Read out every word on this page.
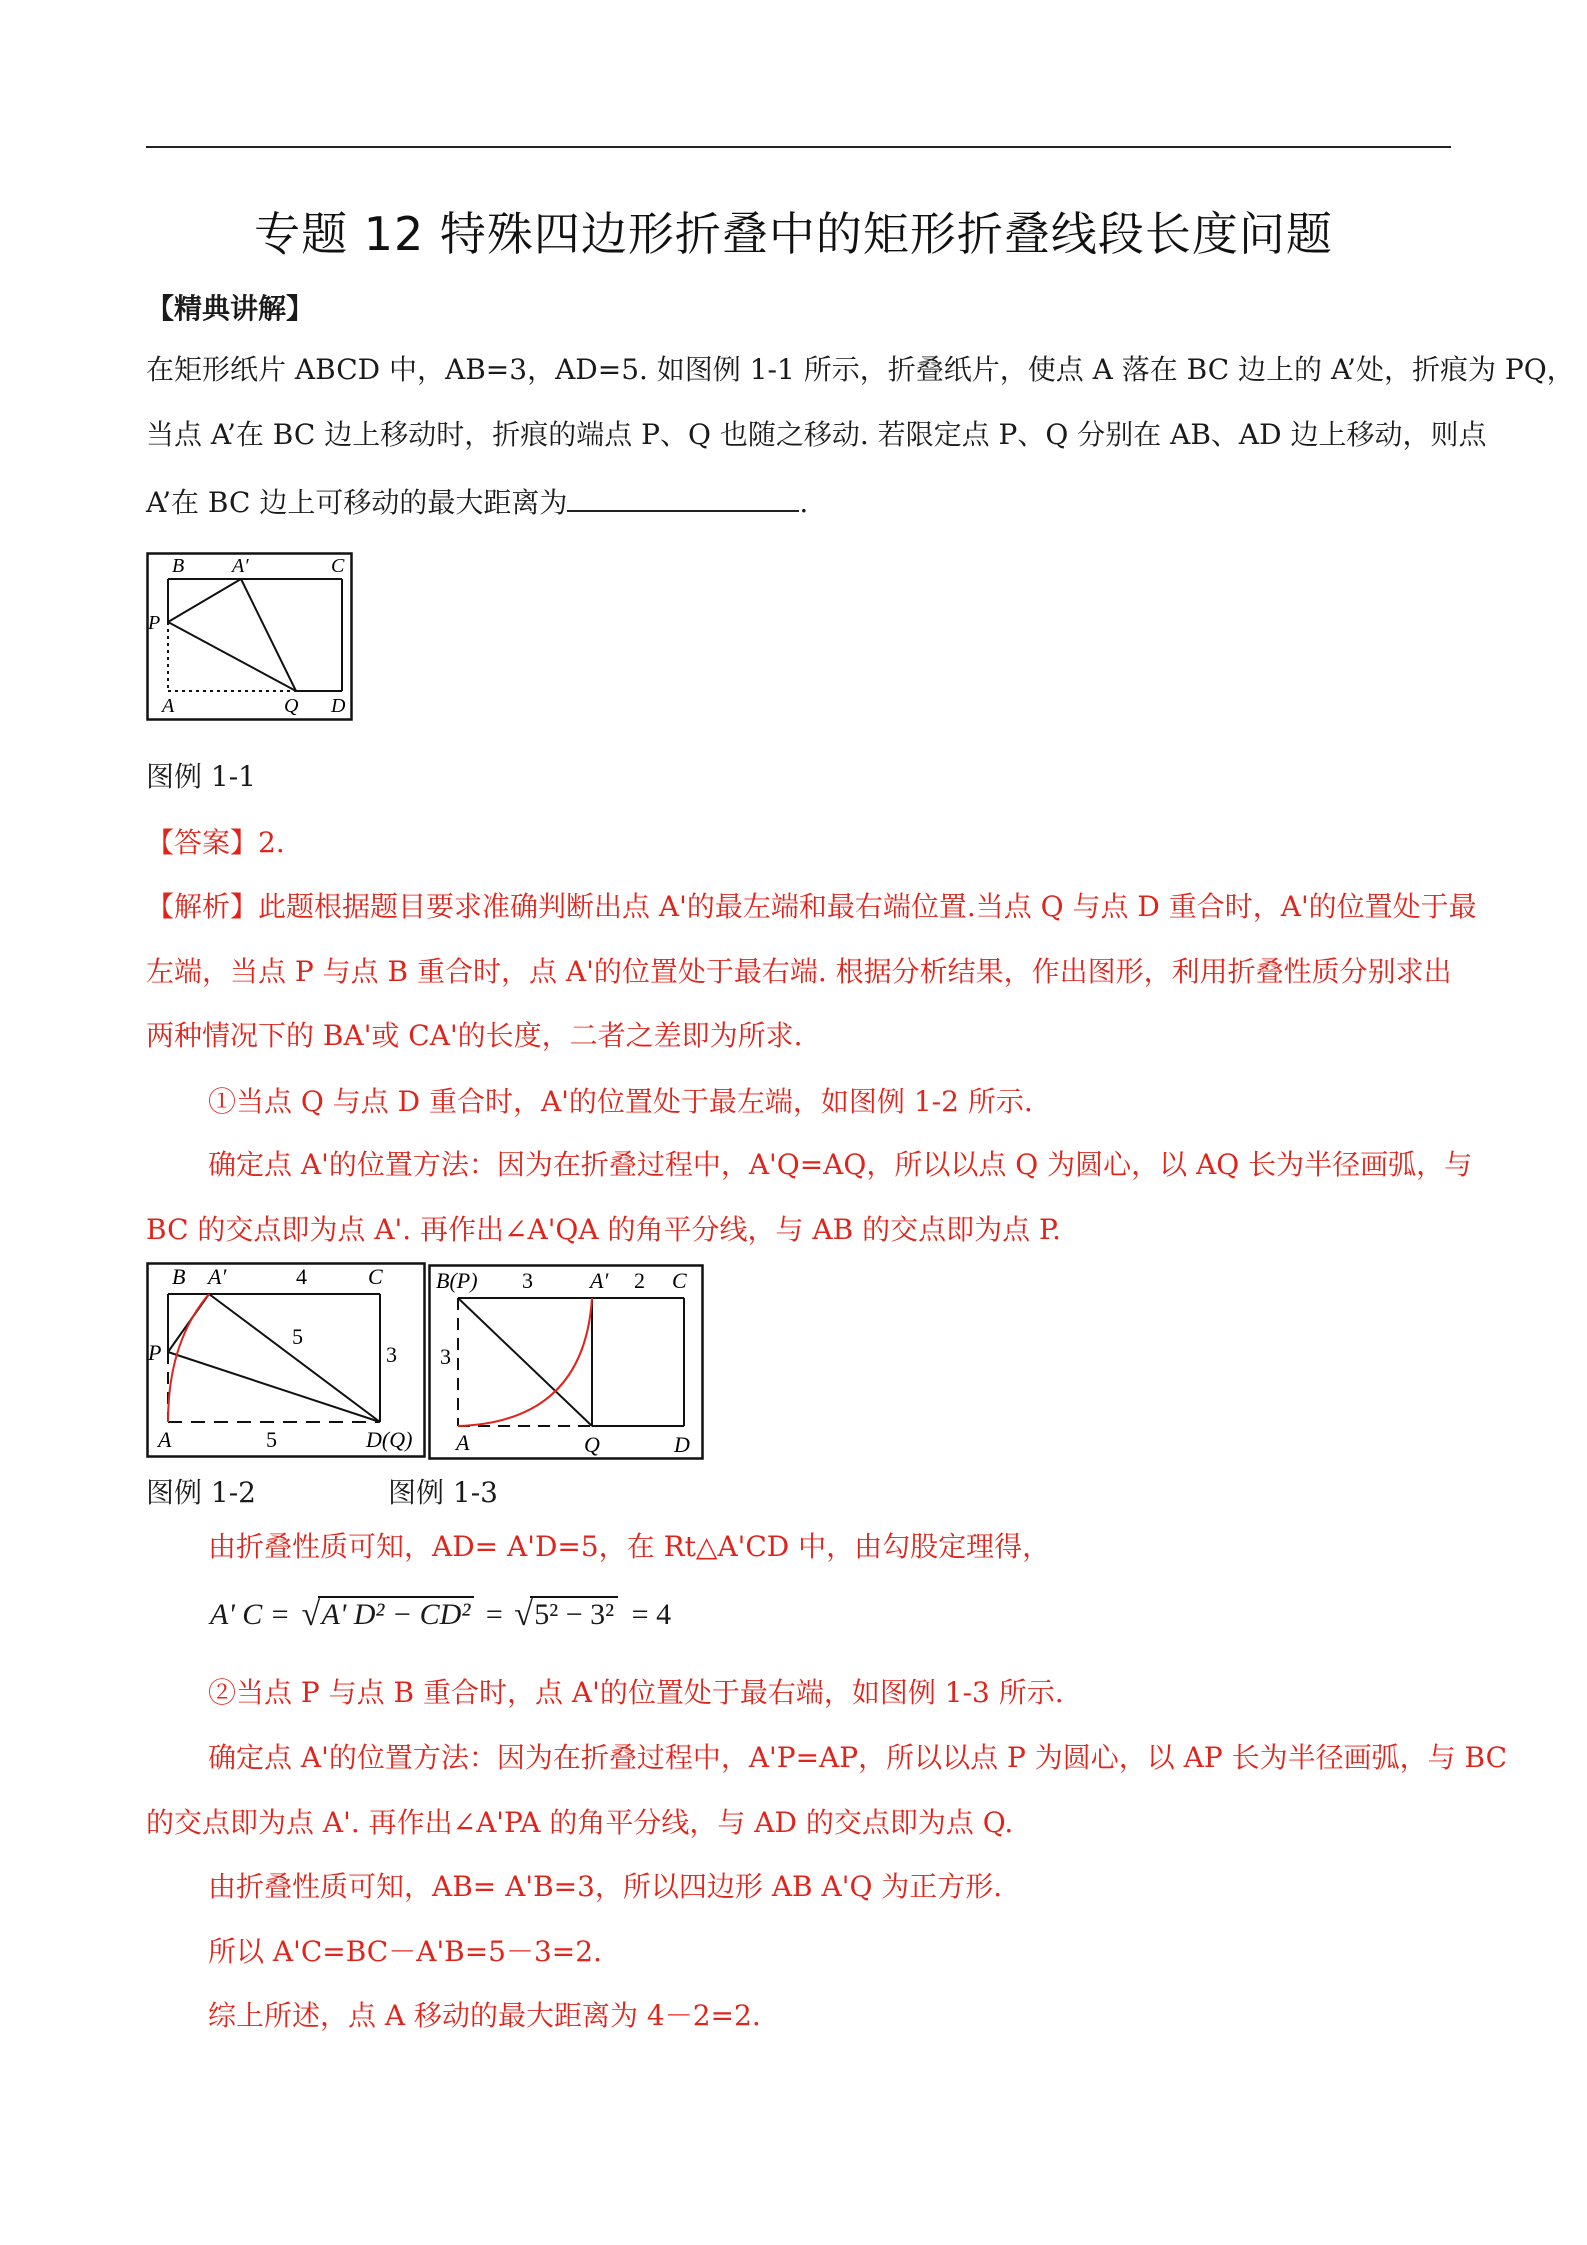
专题 12 特殊四边形折叠中的矩形折叠线段长度问题
【精典讲解】
在矩形纸片 ABCD 中，AB=3，AD=5. 如图例 1-1 所示，折叠纸片，使点 A 落在 BC 边上的 A’处，折痕为 PQ，
当点 A’在 BC 边上移动时，折痕的端点 P、Q 也随之移动. 若限定点 P、Q 分别在 AB、AD 边上移动，则点
A’在 BC 边上可移动的最大距离为	.
B A′	C
P
A	Q D
图例 1-1
【答案】2.
【解析】此题根据题目要求准确判断出点 A'的最左端和最右端位置.当点 Q 与点 D 重合时，A'的位置处于最
左端，当点 P 与点 B 重合时，点 A'的位置处于最右端. 根据分析结果，作出图形，利用折叠性质分别求出
两种情况下的 BA'或 CA'的长度，二者之差即为所求.
①当点 Q 与点 D 重合时，A'的位置处于最左端，如图例 1-2 所示.
确定点 A'的位置方法：因为在折叠过程中，A'Q=AQ，所以以点 Q 为圆心，以 AQ 长为半径画弧，与
BC 的交点即为点 A'. 再作出∠A'QA 的角平分线，与 AB 的交点即为点 P.
B A′	4	C
5
3
P
A	5	D(Q)
B(P) 3	A′ 2 C
3
A	Q	D
图例 1-2	图例 1-3
由折叠性质可知，AD= A'D=5，在 Rt△A'CD 中，由勾股定理得，
A' C = √ A' D² − CD² = √ 5² − 3² = 4
②当点 P 与点 B 重合时，点 A'的位置处于最右端，如图例 1-3 所示.
确定点 A'的位置方法：因为在折叠过程中，A'P=AP，所以以点 P 为圆心，以 AP 长为半径画弧，与 BC
的交点即为点 A'. 再作出∠A'PA 的角平分线，与 AD 的交点即为点 Q.
由折叠性质可知，AB= A'B=3，所以四边形 AB A'Q 为正方形.
所以 A'C=BC－A'B=5－3=2.
综上所述，点 A 移动的最大距离为 4－2=2.
